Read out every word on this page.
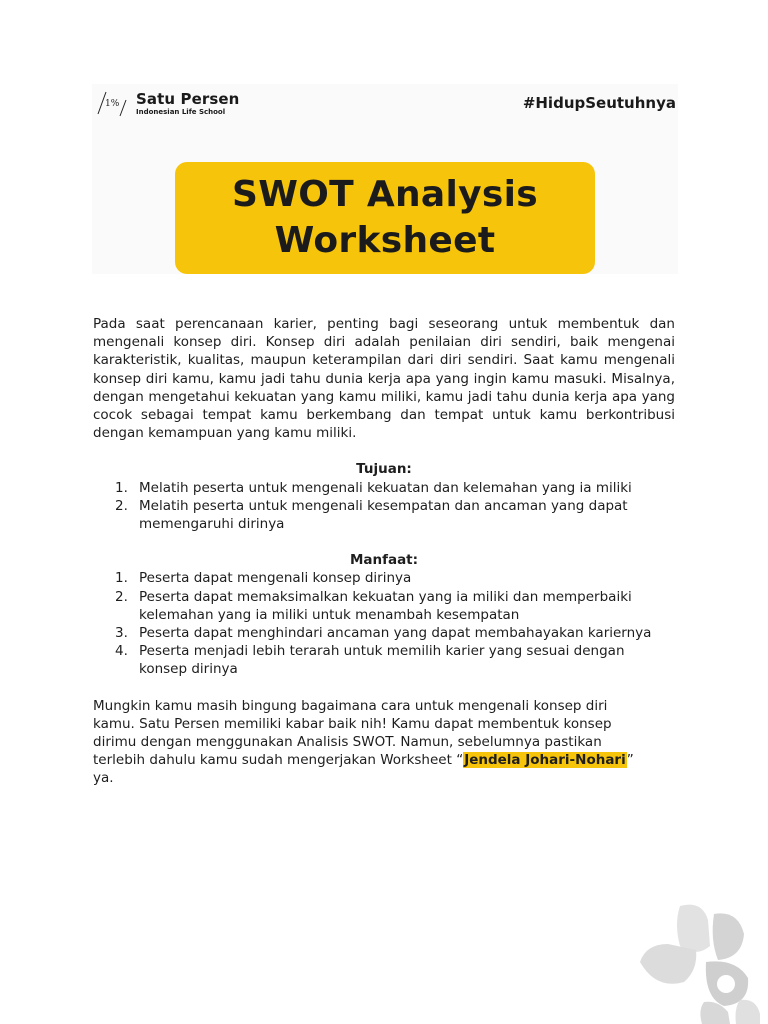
1% Satu Persen
Indonesian Life School	#HidupSeutuhnya
SWOT Analysis
Worksheet

Pada saat perencanaan karier, penting bagi seseorang untuk membentuk dan mengenali konsep diri. Konsep diri adalah penilaian diri sendiri, baik mengenai karakteristik, kualitas, maupun keterampilan dari diri sendiri. Saat kamu mengenali konsep diri kamu, kamu jadi tahu dunia kerja apa yang ingin kamu masuki. Misalnya, dengan mengetahui kekuatan yang kamu miliki, kamu jadi tahu dunia kerja apa yang cocok sebagai tempat kamu berkembang dan tempat untuk kamu berkontribusi dengan kemampuan yang kamu miliki.

Tujuan:
1. Melatih peserta untuk mengenali kekuatan dan kelemahan yang ia miliki
2. Melatih peserta untuk mengenali kesempatan dan ancaman yang dapat memengaruhi dirinya
Manfaat:
1. Peserta dapat mengenali konsep dirinya
2. Peserta dapat memaksimalkan kekuatan yang ia miliki dan memperbaiki kelemahan yang ia miliki untuk menambah kesempatan
3. Peserta dapat menghindari ancaman yang dapat membahayakan kariernya
4. Peserta menjadi lebih terarah untuk memilih karier yang sesuai dengan konsep dirinya

Mungkin kamu masih bingung bagaimana cara untuk mengenali konsep diri kamu. Satu Persen memiliki kabar baik nih! Kamu dapat membentuk konsep dirimu dengan menggunakan Analisis SWOT. Namun, sebelumnya pastikan terlebih dahulu kamu sudah mengerjakan Worksheet “Jendela Johari-Nohari” ya.
